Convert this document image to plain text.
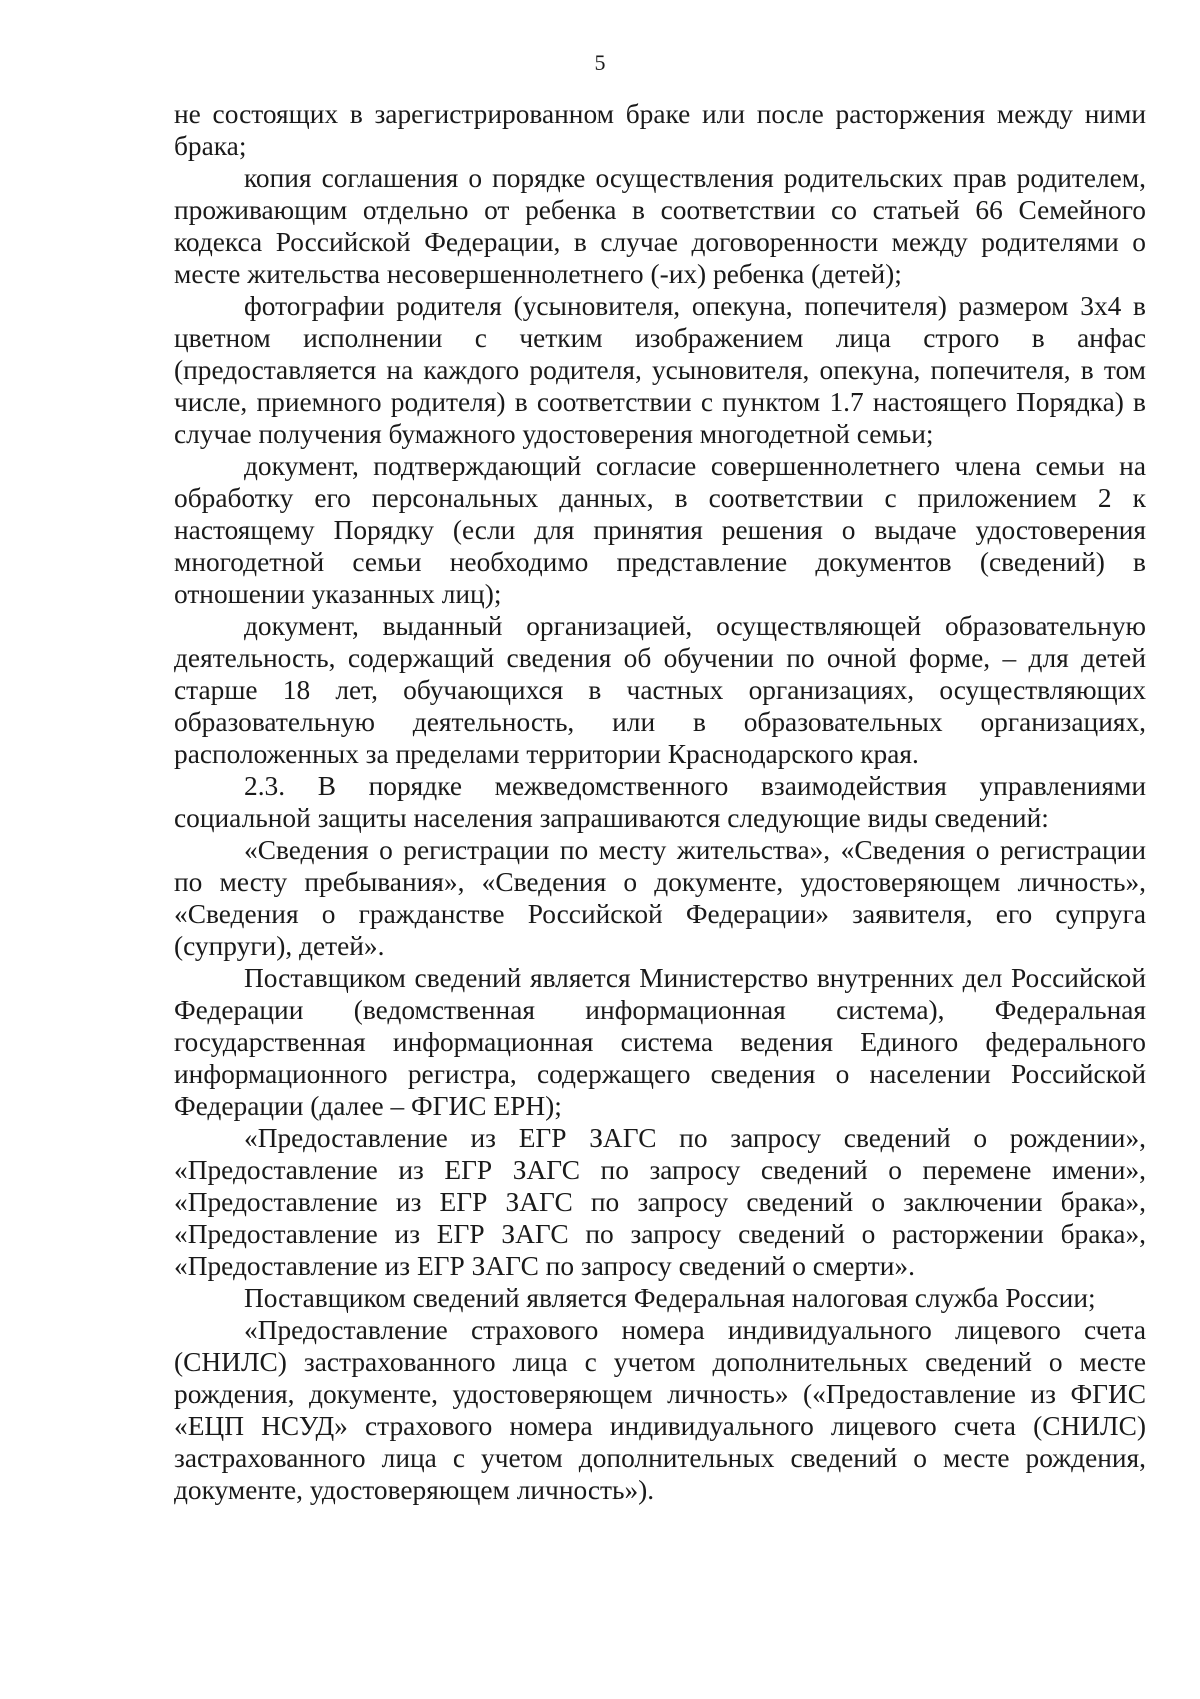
5

не состоящих в зарегистрированном браке или после расторжения между ними брака;

копия соглашения о порядке осуществления родительских прав родителем, проживающим отдельно от ребенка в соответствии со статьей 66 Семейного кодекса Российской Федерации, в случае договоренности между родителями о месте жительства несовершеннолетнего (-их) ребенка (детей);

фотографии родителя (усыновителя, опекуна, попечителя) размером 3x4 в цветном исполнении с четким изображением лица строго в анфас (предоставляется на каждого родителя, усыновителя, опекуна, попечителя, в том числе, приемного родителя) в соответствии с пунктом 1.7 настоящего Порядка) в случае получения бумажного удостоверения многодетной семьи;

документ, подтверждающий согласие совершеннолетнего члена семьи на обработку его персональных данных, в соответствии с приложением 2 к настоящему Порядку (если для принятия решения о выдаче удостоверения многодетной семьи необходимо представление документов (сведений) в отношении указанных лиц);

документ, выданный организацией, осуществляющей образовательную деятельность, содержащий сведения об обучении по очной форме, – для детей старше 18 лет, обучающихся в частных организациях, осуществляющих образовательную деятельность, или в образовательных организациях, расположенных за пределами территории Краснодарского края.

2.3. В порядке межведомственного взаимодействия управлениями социальной защиты населения запрашиваются следующие виды сведений:

«Сведения о регистрации по месту жительства», «Сведения о регистрации по месту пребывания», «Сведения о документе, удостоверяющем личность», «Сведения о гражданстве Российской Федерации» заявителя, его супруга (супруги), детей».

Поставщиком сведений является Министерство внутренних дел Российской Федерации (ведомственная информационная система), Федеральная государственная информационная система ведения Единого федерального информационного регистра, содержащего сведения о населении Российской Федерации (далее – ФГИС ЕРН);

«Предоставление из ЕГР ЗАГС по запросу сведений о рождении», «Предоставление из ЕГР ЗАГС по запросу сведений о перемене имени», «Предоставление из ЕГР ЗАГС по запросу сведений о заключении брака», «Предоставление из ЕГР ЗАГС по запросу сведений о расторжении брака», «Предоставление из ЕГР ЗАГС по запросу сведений о смерти».

Поставщиком сведений является Федеральная налоговая служба России;

«Предоставление страхового номера индивидуального лицевого счета (СНИЛС) застрахованного лица с учетом дополнительных сведений о месте рождения, документе, удостоверяющем личность» («Предоставление из ФГИС «ЕЦП НСУД» страхового номера индивидуального лицевого счета (СНИЛС) застрахованного лица с учетом дополнительных сведений о месте рождения, документе, удостоверяющем личность»).
